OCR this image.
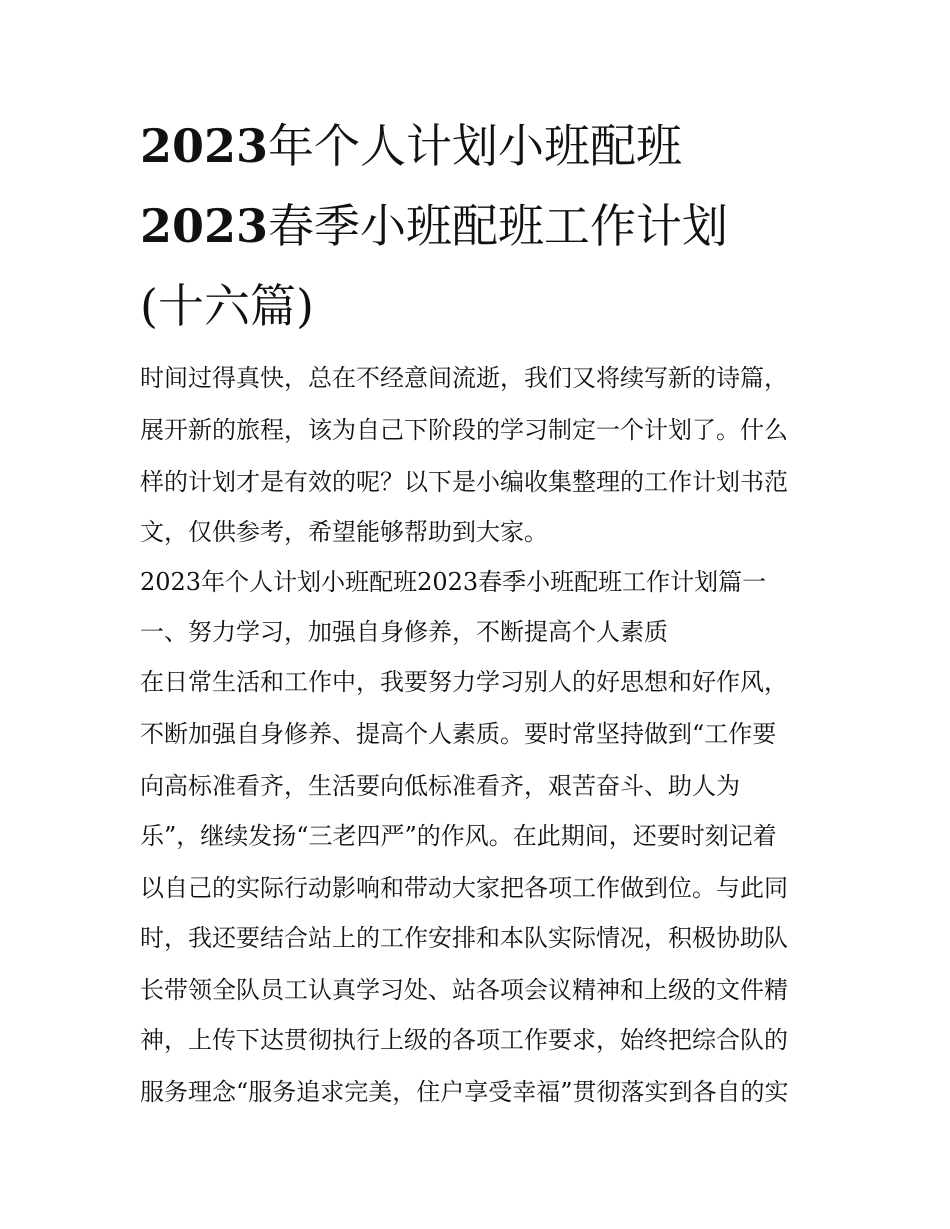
2023年个人计划小班配班
2023春季小班配班工作计划
(十六篇)
时间过得真快，总在不经意间流逝，我们又将续写新的诗篇，
展开新的旅程，该为自己下阶段的学习制定一个计划了。什么
样的计划才是有效的呢？以下是小编收集整理的工作计划书范
文，仅供参考，希望能够帮助到大家。
2023年个人计划小班配班2023春季小班配班工作计划篇一
一、努力学习，加强自身修养，不断提高个人素质
在日常生活和工作中，我要努力学习别人的好思想和好作风，
不断加强自身修养、提高个人素质。要时常坚持做到“工作要
向高标准看齐，生活要向低标准看齐，艰苦奋斗、助人为
乐”，继续发扬“三老四严”的作风。在此期间，还要时刻记着
以自己的实际行动影响和带动大家把各项工作做到位。与此同
时，我还要结合站上的工作安排和本队实际情况，积极协助队
长带领全队员工认真学习处、站各项会议精神和上级的文件精
神，上传下达贯彻执行上级的各项工作要求，始终把综合队的
服务理念“服务追求完美，住户享受幸福”贯彻落实到各自的实
